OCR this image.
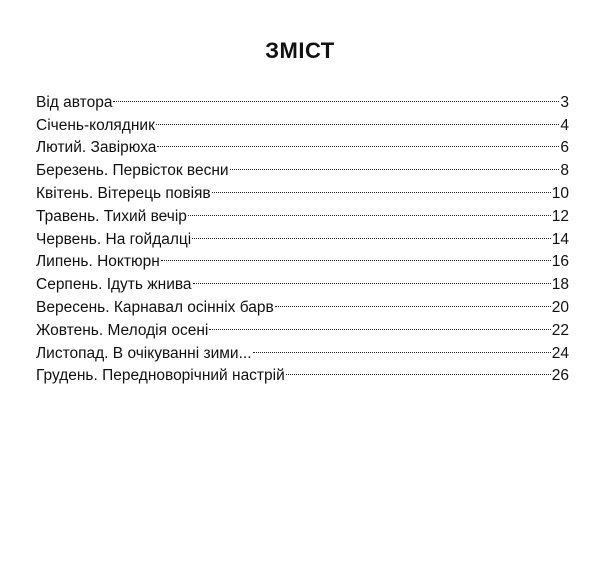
ЗМІСТ
Від автора	3
Січень-колядник	4
Лютий. Завірюха	6
Березень. Первісток весни	8
Квітень. Вітерець повіяв	10
Травень. Тихий вечір	12
Червень. На гойдалці	14
Липень. Ноктюрн	16
Серпень. Ідуть жнива	18
Вересень. Карнавал осінніх барв	20
Жовтень. Мелодія осені	22
Листопад. В очікуванні зими...	24
Грудень. Передноворічний настрій	26
